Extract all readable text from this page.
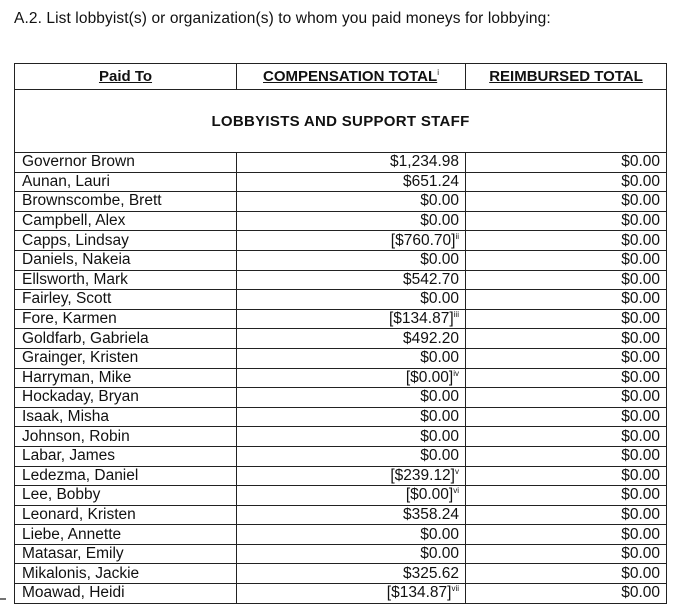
A.2. List lobbyist(s) or organization(s) to whom you paid moneys for lobbying:
Paid To	COMPENSATION TOTAL$^i$	REIMBURSED TOTAL
LOBBYISTS AND SUPPORT STAFF		
Governor Brown	$1,234.98	$0.00
Aunan, Lauri	$651.24	$0.00
Brownscombe, Brett	$0.00	$0.00
Campbell, Alex	$0.00	$0.00
Capps, Lindsay	[$760.70]$^{ii}$	$0.00
Daniels, Nakeia	$0.00	$0.00
Ellsworth, Mark	$542.70	$0.00
Fairley, Scott	$0.00	$0.00
Fore, Karmen	[$134.87]$^{iii}$	$0.00
Goldfarb, Gabriela	$492.20	$0.00
Grainger, Kristen	$0.00	$0.00
Harryman, Mike	[$0.00]$^{iv}$	$0.00
Hockaday, Bryan	$0.00	$0.00
Isaak, Misha	$0.00	$0.00
Johnson, Robin	$0.00	$0.00
Labar, James	$0.00	$0.00
Ledezma, Daniel	[$239.12]$^v$	$0.00
Lee, Bobby	[$0.00]$^{vi}$	$0.00
Leonard, Kristen	$358.24	$0.00
Liebe, Annette	$0.00	$0.00
Matasar, Emily	$0.00	$0.00
Mikalonis, Jackie	$325.62	$0.00
Moawad, Heidi	[$134.87]$^{vii}$	$0.00
